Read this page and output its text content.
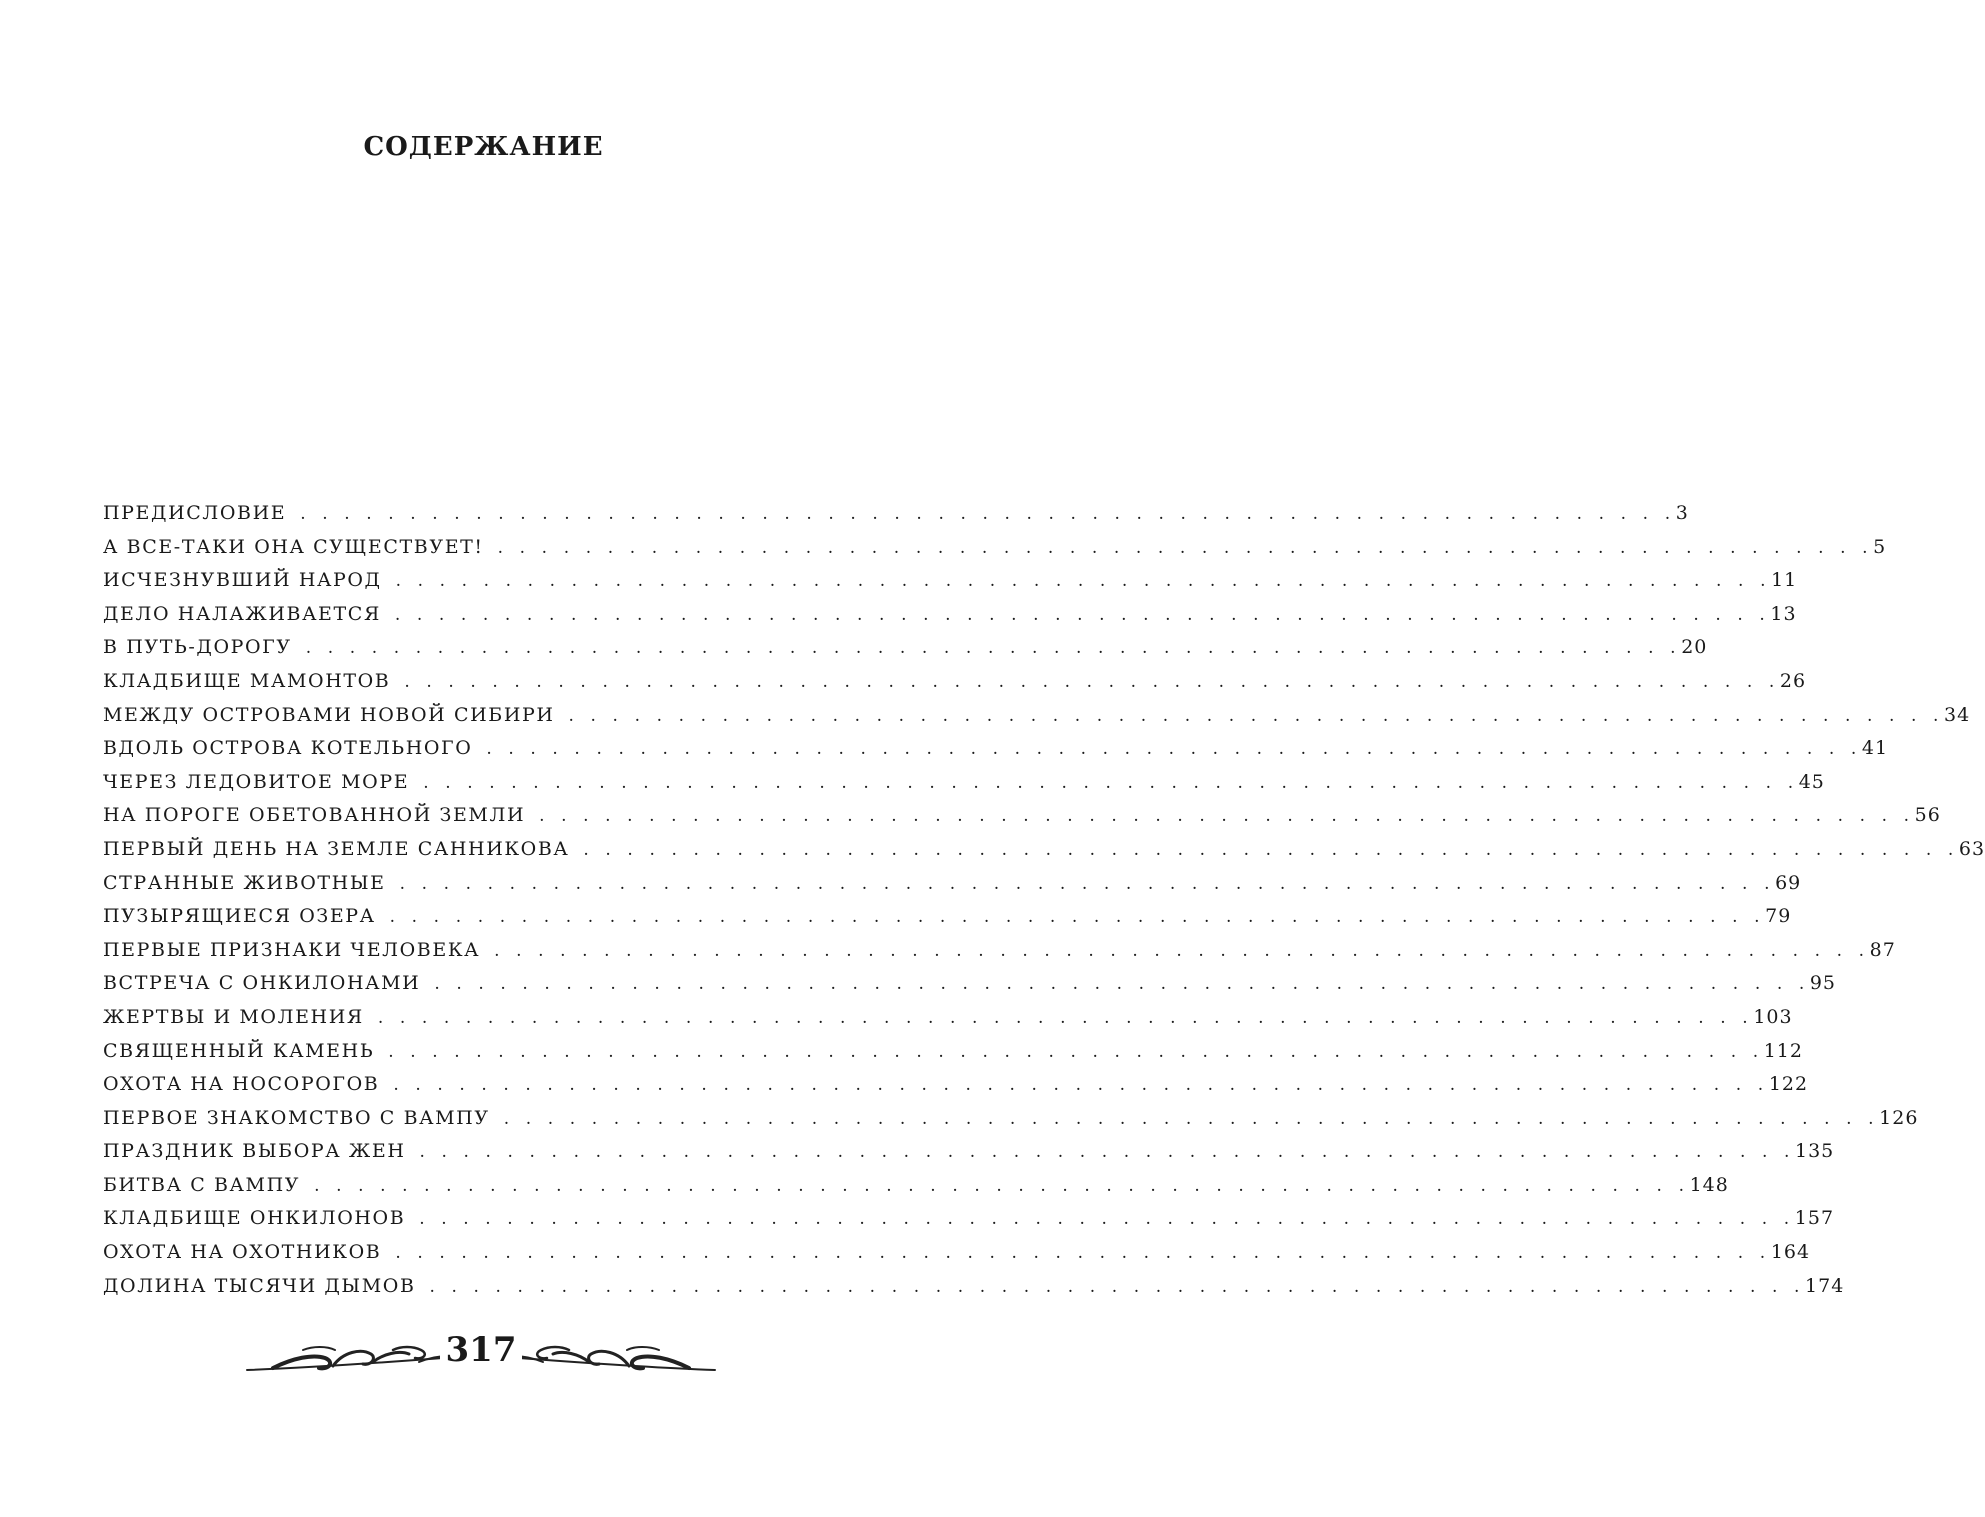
СОДЕРЖАНИЕ
ПРЕДИСЛОВИЕ . . . . . . . . . . . . . . . . . . . . . . . . . . . . . . . . . . . . . . . . . . . . . . . . . . . . . . . . . . . . . . . 3
А ВСЕ-ТАКИ ОНА СУЩЕСТВУЕТ! . . . . . . . . . . . . . . . . . . . . . . . . . . . . . . . . . . . . . . . . . . . . . . . . . . . . . . . . . . . . . . . 5
ИСЧЕЗНУВШИЙ НАРОД . . . . . . . . . . . . . . . . . . . . . . . . . . . . . . . . . . . . . . . . . . . . . . . . . . . . . . . . . . . . . . . 11
ДЕЛО НАЛАЖИВАЕТСЯ . . . . . . . . . . . . . . . . . . . . . . . . . . . . . . . . . . . . . . . . . . . . . . . . . . . . . . . . . . . . . . . 13
В ПУТЬ-ДОРОГУ . . . . . . . . . . . . . . . . . . . . . . . . . . . . . . . . . . . . . . . . . . . . . . . . . . . . . . . . . . . . . . . 20
КЛАДБИЩЕ МАМОНТОВ . . . . . . . . . . . . . . . . . . . . . . . . . . . . . . . . . . . . . . . . . . . . . . . . . . . . . . . . . . . . . . . 26
МЕЖДУ ОСТРОВАМИ НОВОЙ СИБИРИ . . . . . . . . . . . . . . . . . . . . . . . . . . . . . . . . . . . . . . . . . . . . . . . . . . . . . . . . . . . . . . . 34
ВДОЛЬ ОСТРОВА КОТЕЛЬНОГО . . . . . . . . . . . . . . . . . . . . . . . . . . . . . . . . . . . . . . . . . . . . . . . . . . . . . . . . . . . . . . . 41
ЧЕРЕЗ ЛЕДОВИТОЕ МОРЕ . . . . . . . . . . . . . . . . . . . . . . . . . . . . . . . . . . . . . . . . . . . . . . . . . . . . . . . . . . . . . . . 45
НА ПОРОГЕ ОБЕТОВАННОЙ ЗЕМЛИ . . . . . . . . . . . . . . . . . . . . . . . . . . . . . . . . . . . . . . . . . . . . . . . . . . . . . . . . . . . . . . . 56
ПЕРВЫЙ ДЕНЬ НА ЗЕМЛЕ САННИКОВА . . . . . . . . . . . . . . . . . . . . . . . . . . . . . . . . . . . . . . . . . . . . . . . . . . . . . . . . . . . . . . . 63
СТРАННЫЕ ЖИВОТНЫЕ . . . . . . . . . . . . . . . . . . . . . . . . . . . . . . . . . . . . . . . . . . . . . . . . . . . . . . . . . . . . . . . 69
ПУЗЫРЯЩИЕСЯ ОЗЕРА . . . . . . . . . . . . . . . . . . . . . . . . . . . . . . . . . . . . . . . . . . . . . . . . . . . . . . . . . . . . . . . 79
ПЕРВЫЕ ПРИЗНАКИ ЧЕЛОВЕКА . . . . . . . . . . . . . . . . . . . . . . . . . . . . . . . . . . . . . . . . . . . . . . . . . . . . . . . . . . . . . . . 87
ВСТРЕЧА С ОНКИЛОНАМИ . . . . . . . . . . . . . . . . . . . . . . . . . . . . . . . . . . . . . . . . . . . . . . . . . . . . . . . . . . . . . . . 95
ЖЕРТВЫ И МОЛЕНИЯ . . . . . . . . . . . . . . . . . . . . . . . . . . . . . . . . . . . . . . . . . . . . . . . . . . . . . . . . . . . . . . . 103
СВЯЩЕННЫЙ КАМЕНЬ . . . . . . . . . . . . . . . . . . . . . . . . . . . . . . . . . . . . . . . . . . . . . . . . . . . . . . . . . . . . . . . 112
ОХОТА НА НОСОРОГОВ . . . . . . . . . . . . . . . . . . . . . . . . . . . . . . . . . . . . . . . . . . . . . . . . . . . . . . . . . . . . . . . 122
ПЕРВОЕ ЗНАКОМСТВО С ВАМПУ . . . . . . . . . . . . . . . . . . . . . . . . . . . . . . . . . . . . . . . . . . . . . . . . . . . . . . . . . . . . . . . 126
ПРАЗДНИК ВЫБОРА ЖЕН . . . . . . . . . . . . . . . . . . . . . . . . . . . . . . . . . . . . . . . . . . . . . . . . . . . . . . . . . . . . . . . 135
БИТВА С ВАМПУ . . . . . . . . . . . . . . . . . . . . . . . . . . . . . . . . . . . . . . . . . . . . . . . . . . . . . . . . . . . . . . . 148
КЛАДБИЩЕ ОНКИЛОНОВ . . . . . . . . . . . . . . . . . . . . . . . . . . . . . . . . . . . . . . . . . . . . . . . . . . . . . . . . . . . . . . . 157
ОХОТА НА ОХОТНИКОВ . . . . . . . . . . . . . . . . . . . . . . . . . . . . . . . . . . . . . . . . . . . . . . . . . . . . . . . . . . . . . . . 164
ДОЛИНА ТЫСЯЧИ ДЫМОВ . . . . . . . . . . . . . . . . . . . . . . . . . . . . . . . . . . . . . . . . . . . . . . . . . . . . . . . . . . . . . . . 174
317
